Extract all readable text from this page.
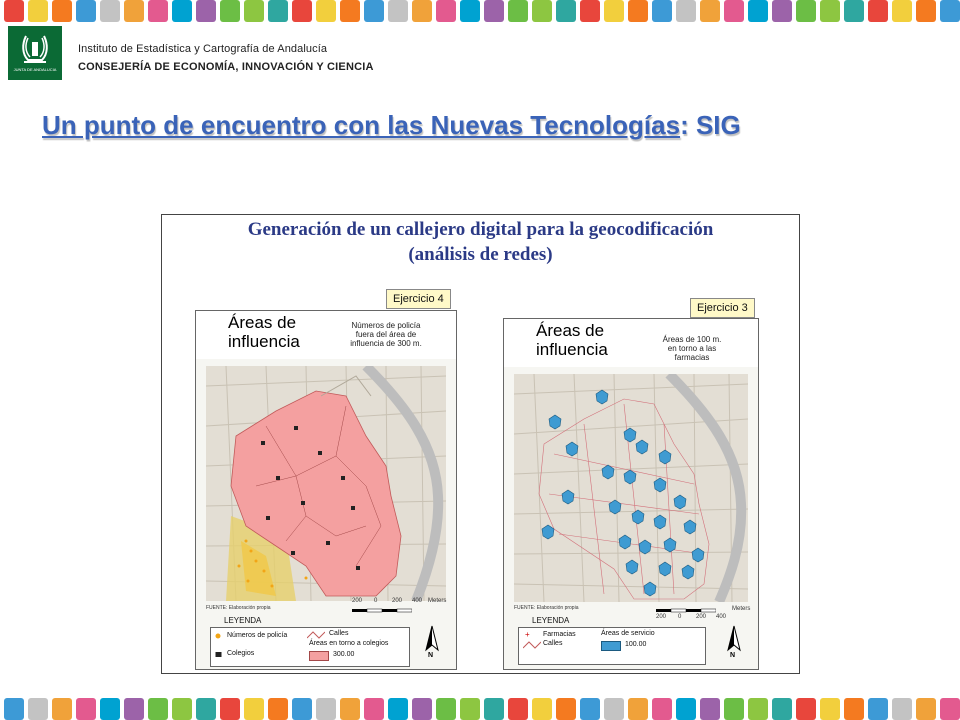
JUNTA DE ANDALUCIA
Instituto de Estadística y Cartografía de Andalucía
CONSEJERÍA DE ECONOMÍA, INNOVACIÓN Y CIENCIA
Un punto de encuentro con las Nuevas Tecnologías: SIG
Generación de un callejero digital para la geocodificación
(análisis de redes)
Ejercicio 4
Áreas de
influencia
Números de policía
fuera del área de
influencia de 300 m.
FUENTE: Elaboración propia
200 0 200 400 Meters
LEYENDA
Números de policía
Colegios
Calles
Áreas en torno a colegios
300.00	N
Ejercicio 3
Áreas de
influencia
Áreas de 100 m.
en torno a las
farmacias
FUENTE: Elaboración propia
200 0 200 400
Meters
LEYENDA
+ Farmacias
Calles
Áreas de servicio
100.00
N
